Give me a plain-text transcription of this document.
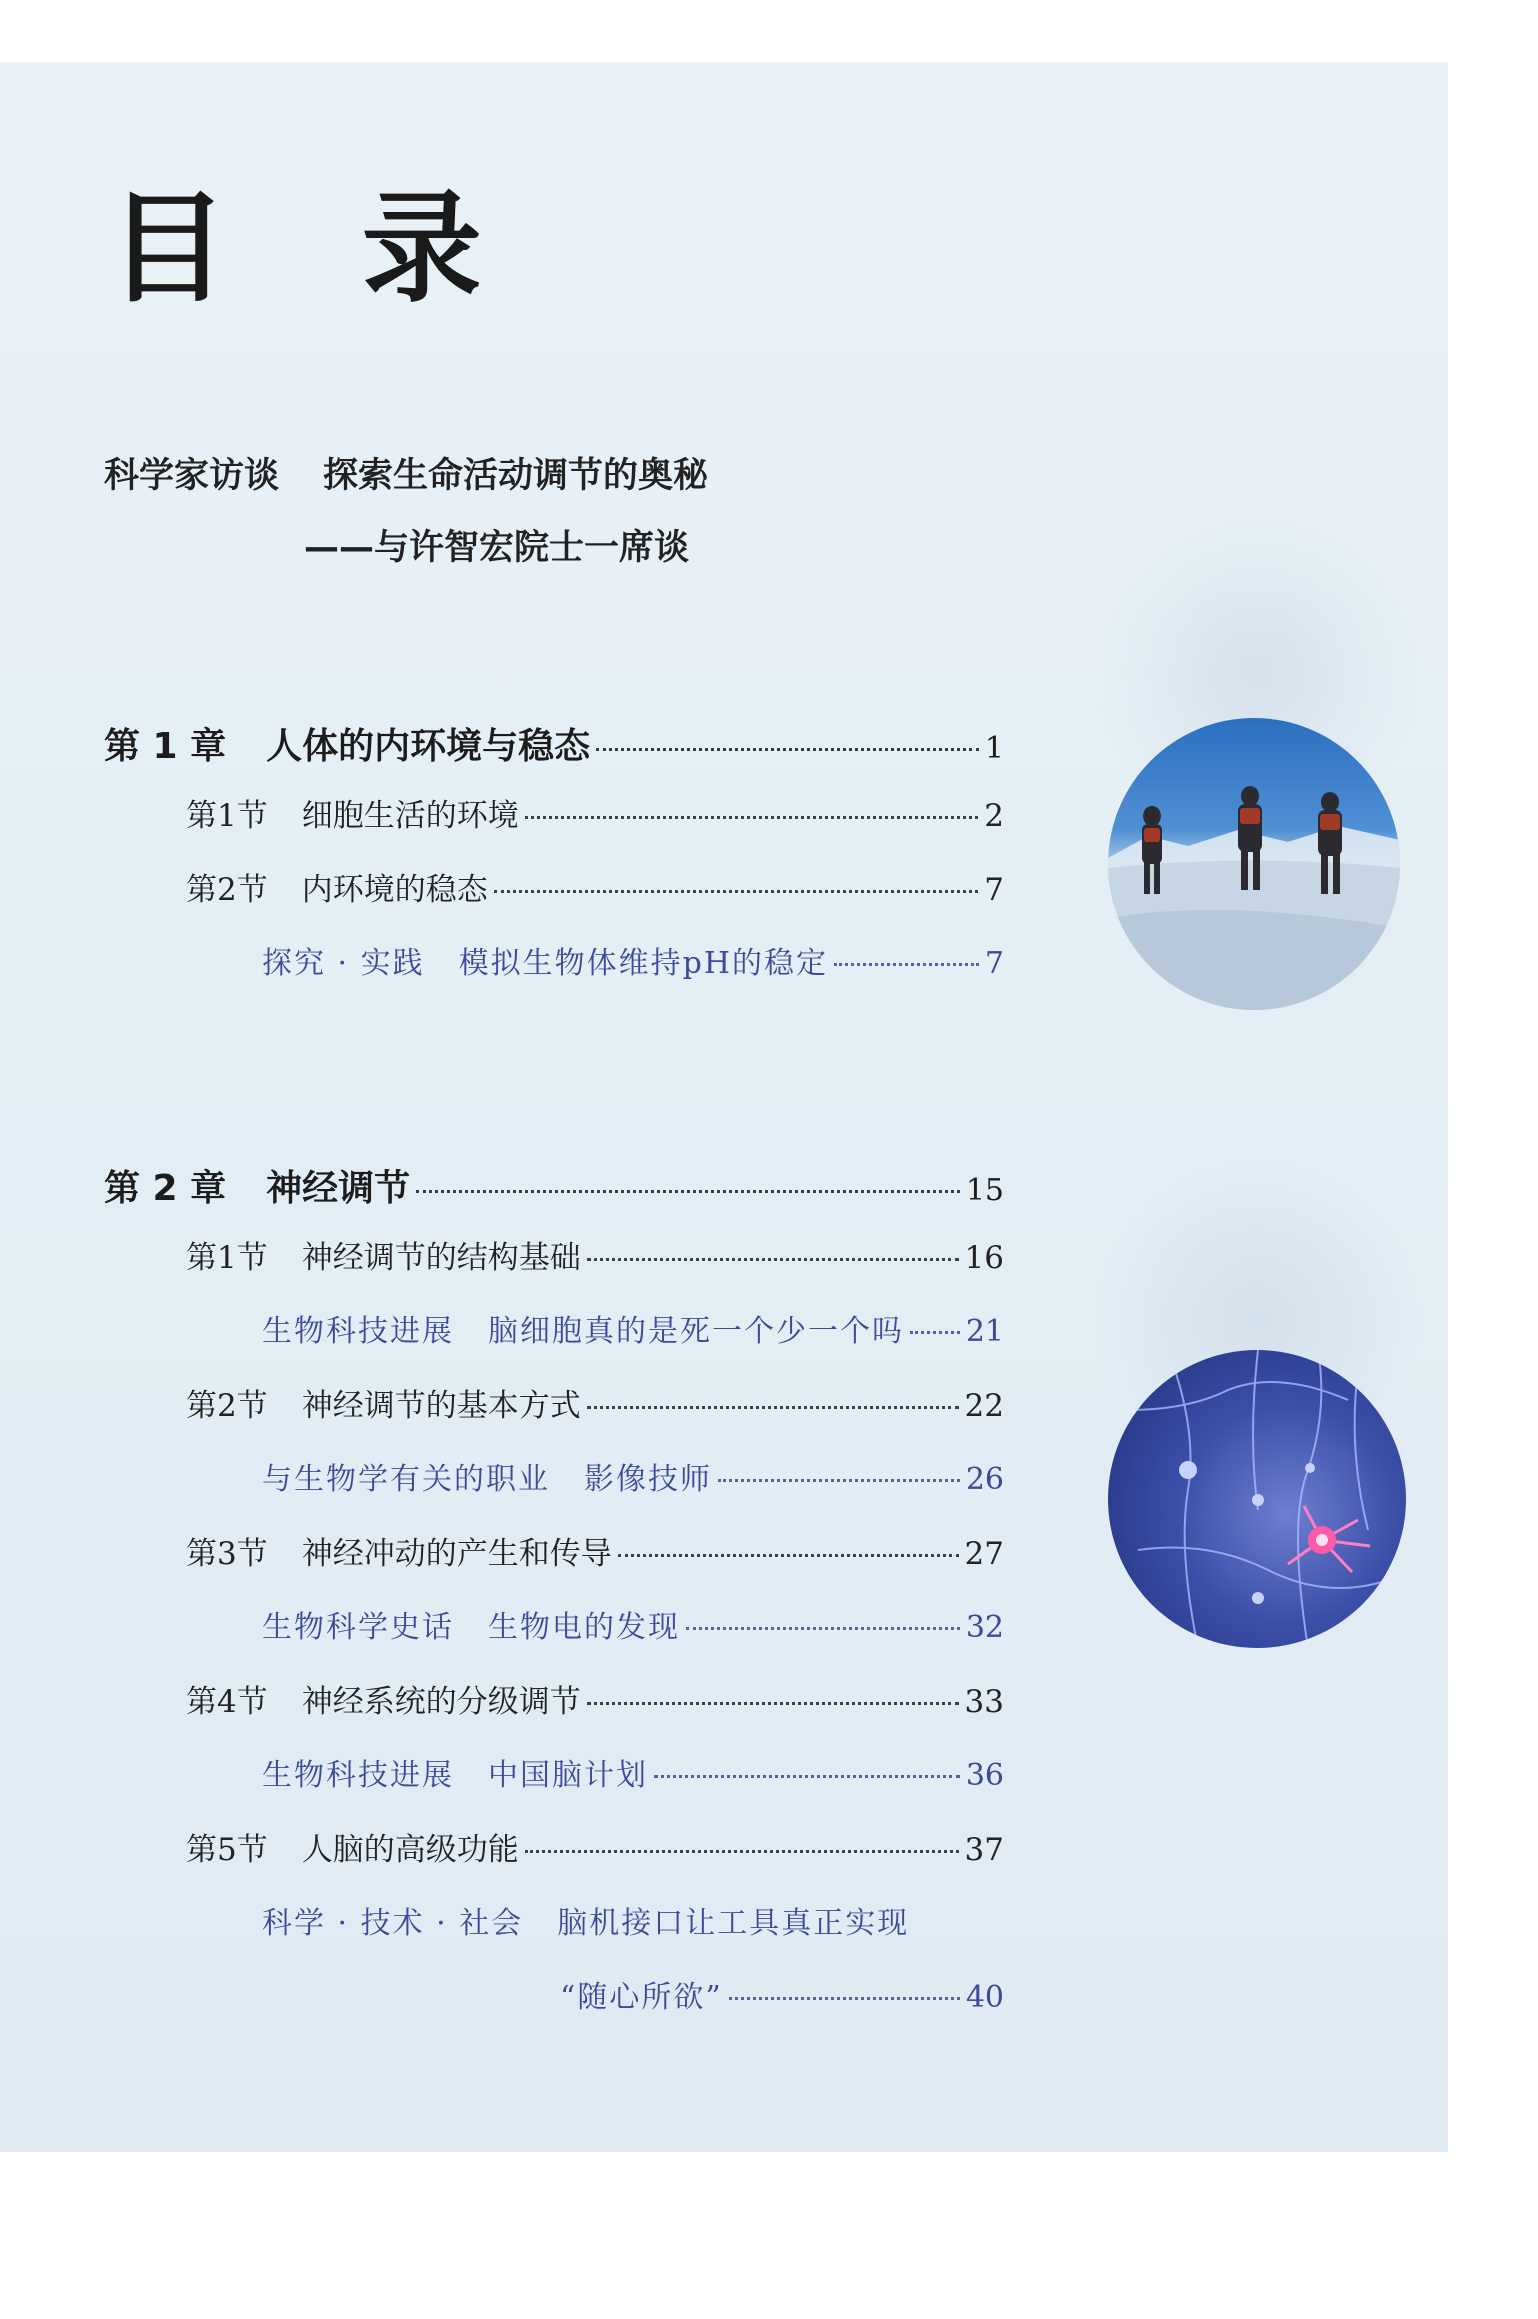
目 录
科学家访谈 探索生命活动调节的奥秘
——与许智宏院士一席谈
第 1 章 人体的内环境与稳态	1
第1节 细胞生活的环境	2
第2节 内环境的稳态	7
探究 · 实践 模拟生物体维持pH的稳定	7
第 2 章 神经调节	15
第1节 神经调节的结构基础	16
生物科技进展 脑细胞真的是死一个少一个吗 21
第2节 神经调节的基本方式	22
与生物学有关的职业 影像技师	26
第3节 神经冲动的产生和传导	27
生物科学史话 生物电的发现	32
第4节 神经系统的分级调节	33
生物科技进展 中国脑计划	36
第5节 人脑的高级功能	37
科学 · 技术 · 社会 脑机接口让工具真正实现
“随心所欲”	40
